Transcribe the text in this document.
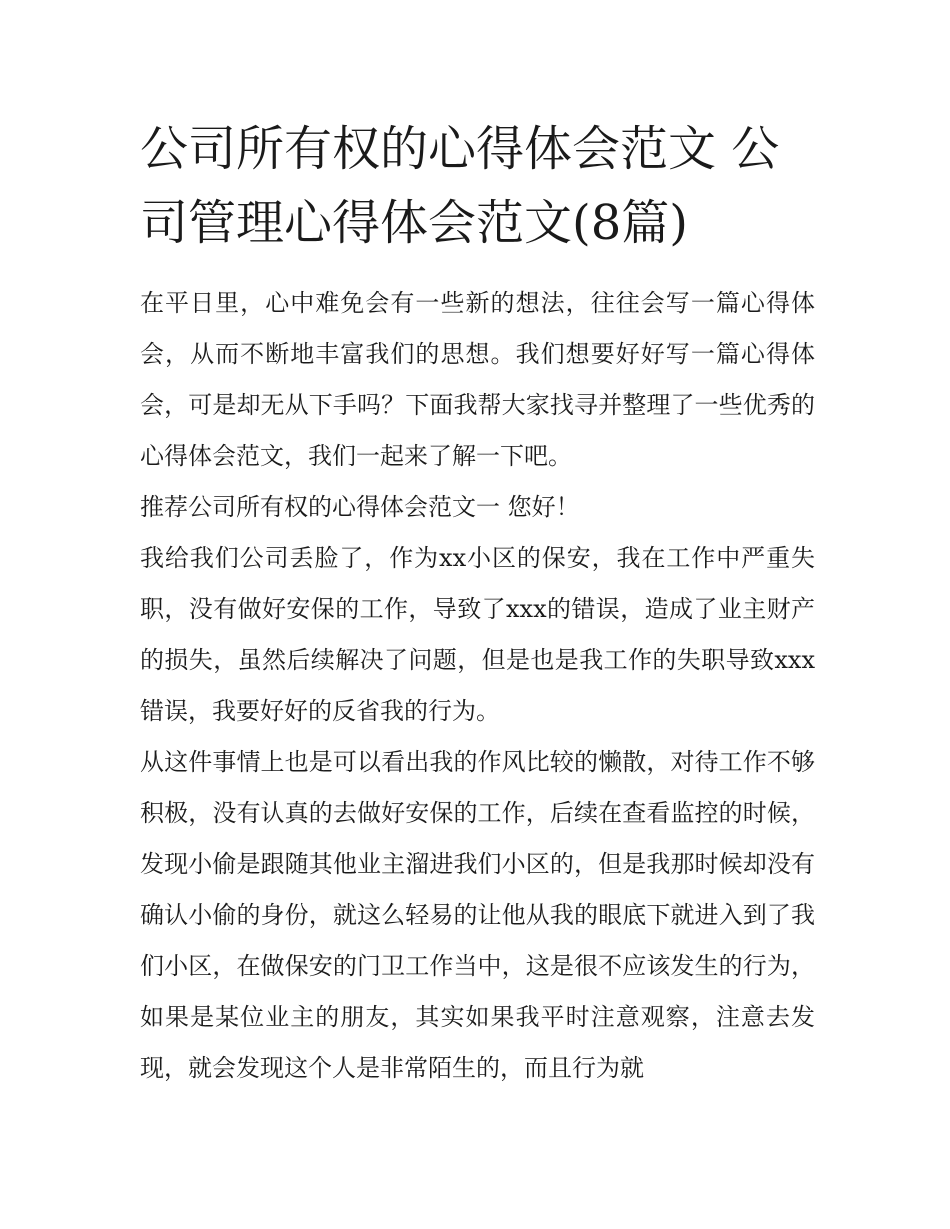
公司所有权的心得体会范文 公司管理心得体会范文(8篇)

在平日里，心中难免会有一些新的想法，往往会写一篇心得体会，从而不断地丰富我们的思想。我们想要好好写一篇心得体会，可是却无从下手吗？下面我帮大家找寻并整理了一些优秀的心得体会范文，我们一起来了解一下吧。

推荐公司所有权的心得体会范文一 您好！

我给我们公司丢脸了，作为xx小区的保安，我在工作中严重失职，没有做好安保的工作，导致了xxx的错误，造成了业主财产的损失，虽然后续解决了问题，但是也是我工作的失职导致xxx错误，我要好好的反省我的行为。

从这件事情上也是可以看出我的作风比较的懒散，对待工作不够积极，没有认真的去做好安保的工作，后续在查看监控的时候，发现小偷是跟随其他业主溜进我们小区的，但是我那时候却没有确认小偷的身份，就这么轻易的让他从我的眼底下就进入到了我们小区，在做保安的门卫工作当中，这是很不应该发生的行为，如果是某位业主的朋友，其实如果我平时注意观察，注意去发现，就会发现这个人是非常陌生的，而且行为就
